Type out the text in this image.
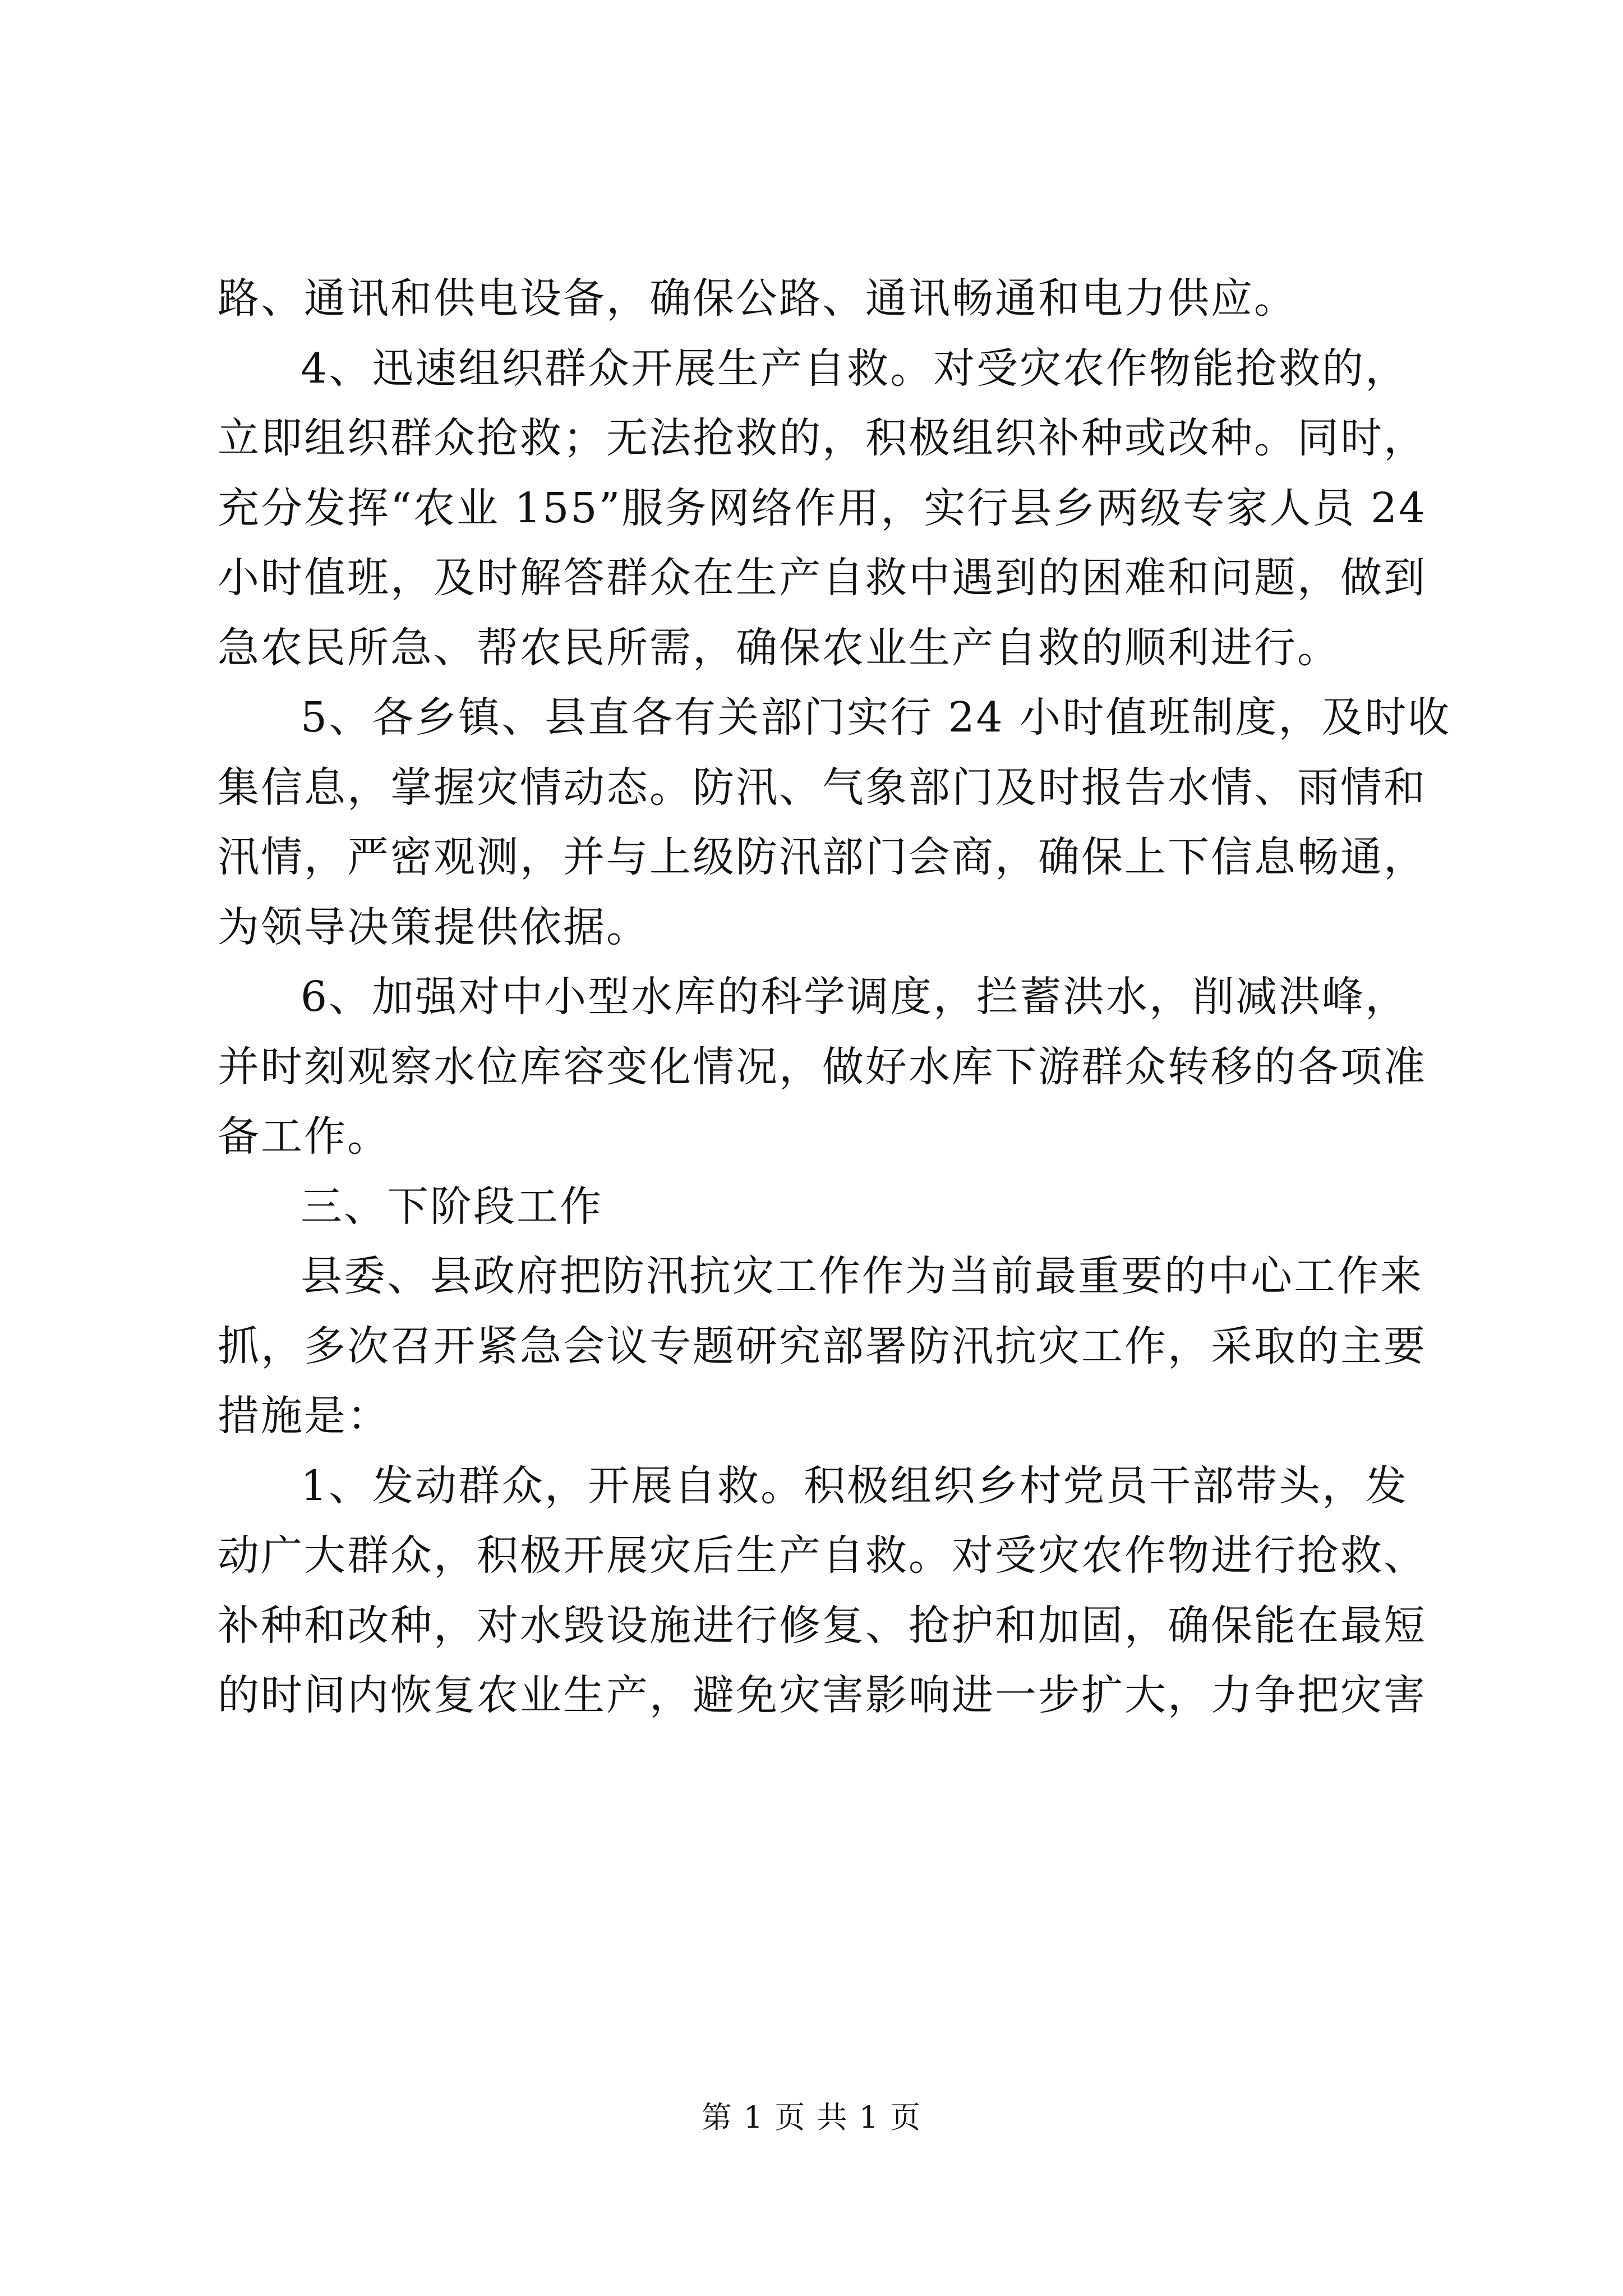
路、通讯和供电设备，确保公路、通讯畅通和电力供应。
4、迅速组织群众开展生产自救。对受灾农作物能抢救的，
立即组织群众抢救；无法抢救的，积极组织补种或改种。同时，
充分发挥“农业 155”服务网络作用，实行县乡两级专家人员 24
小时值班，及时解答群众在生产自救中遇到的困难和问题，做到
急农民所急、帮农民所需，确保农业生产自救的顺利进行。
5、各乡镇、县直各有关部门实行 24 小时值班制度，及时收
集信息，掌握灾情动态。防汛、气象部门及时报告水情、雨情和
汛情，严密观测，并与上级防汛部门会商，确保上下信息畅通，
为领导决策提供依据。
6、加强对中小型水库的科学调度，拦蓄洪水，削减洪峰，
并时刻观察水位库容变化情况，做好水库下游群众转移的各项准
备工作。
三、下阶段工作
县委、县政府把防汛抗灾工作作为当前最重要的中心工作来
抓，多次召开紧急会议专题研究部署防汛抗灾工作，采取的主要
措施是：
1、发动群众，开展自救。积极组织乡村党员干部带头，发
动广大群众，积极开展灾后生产自救。对受灾农作物进行抢救、
补种和改种，对水毁设施进行修复、抢护和加固，确保能在最短
的时间内恢复农业生产，避免灾害影响进一步扩大，力争把灾害
第 1 页 共 1 页
